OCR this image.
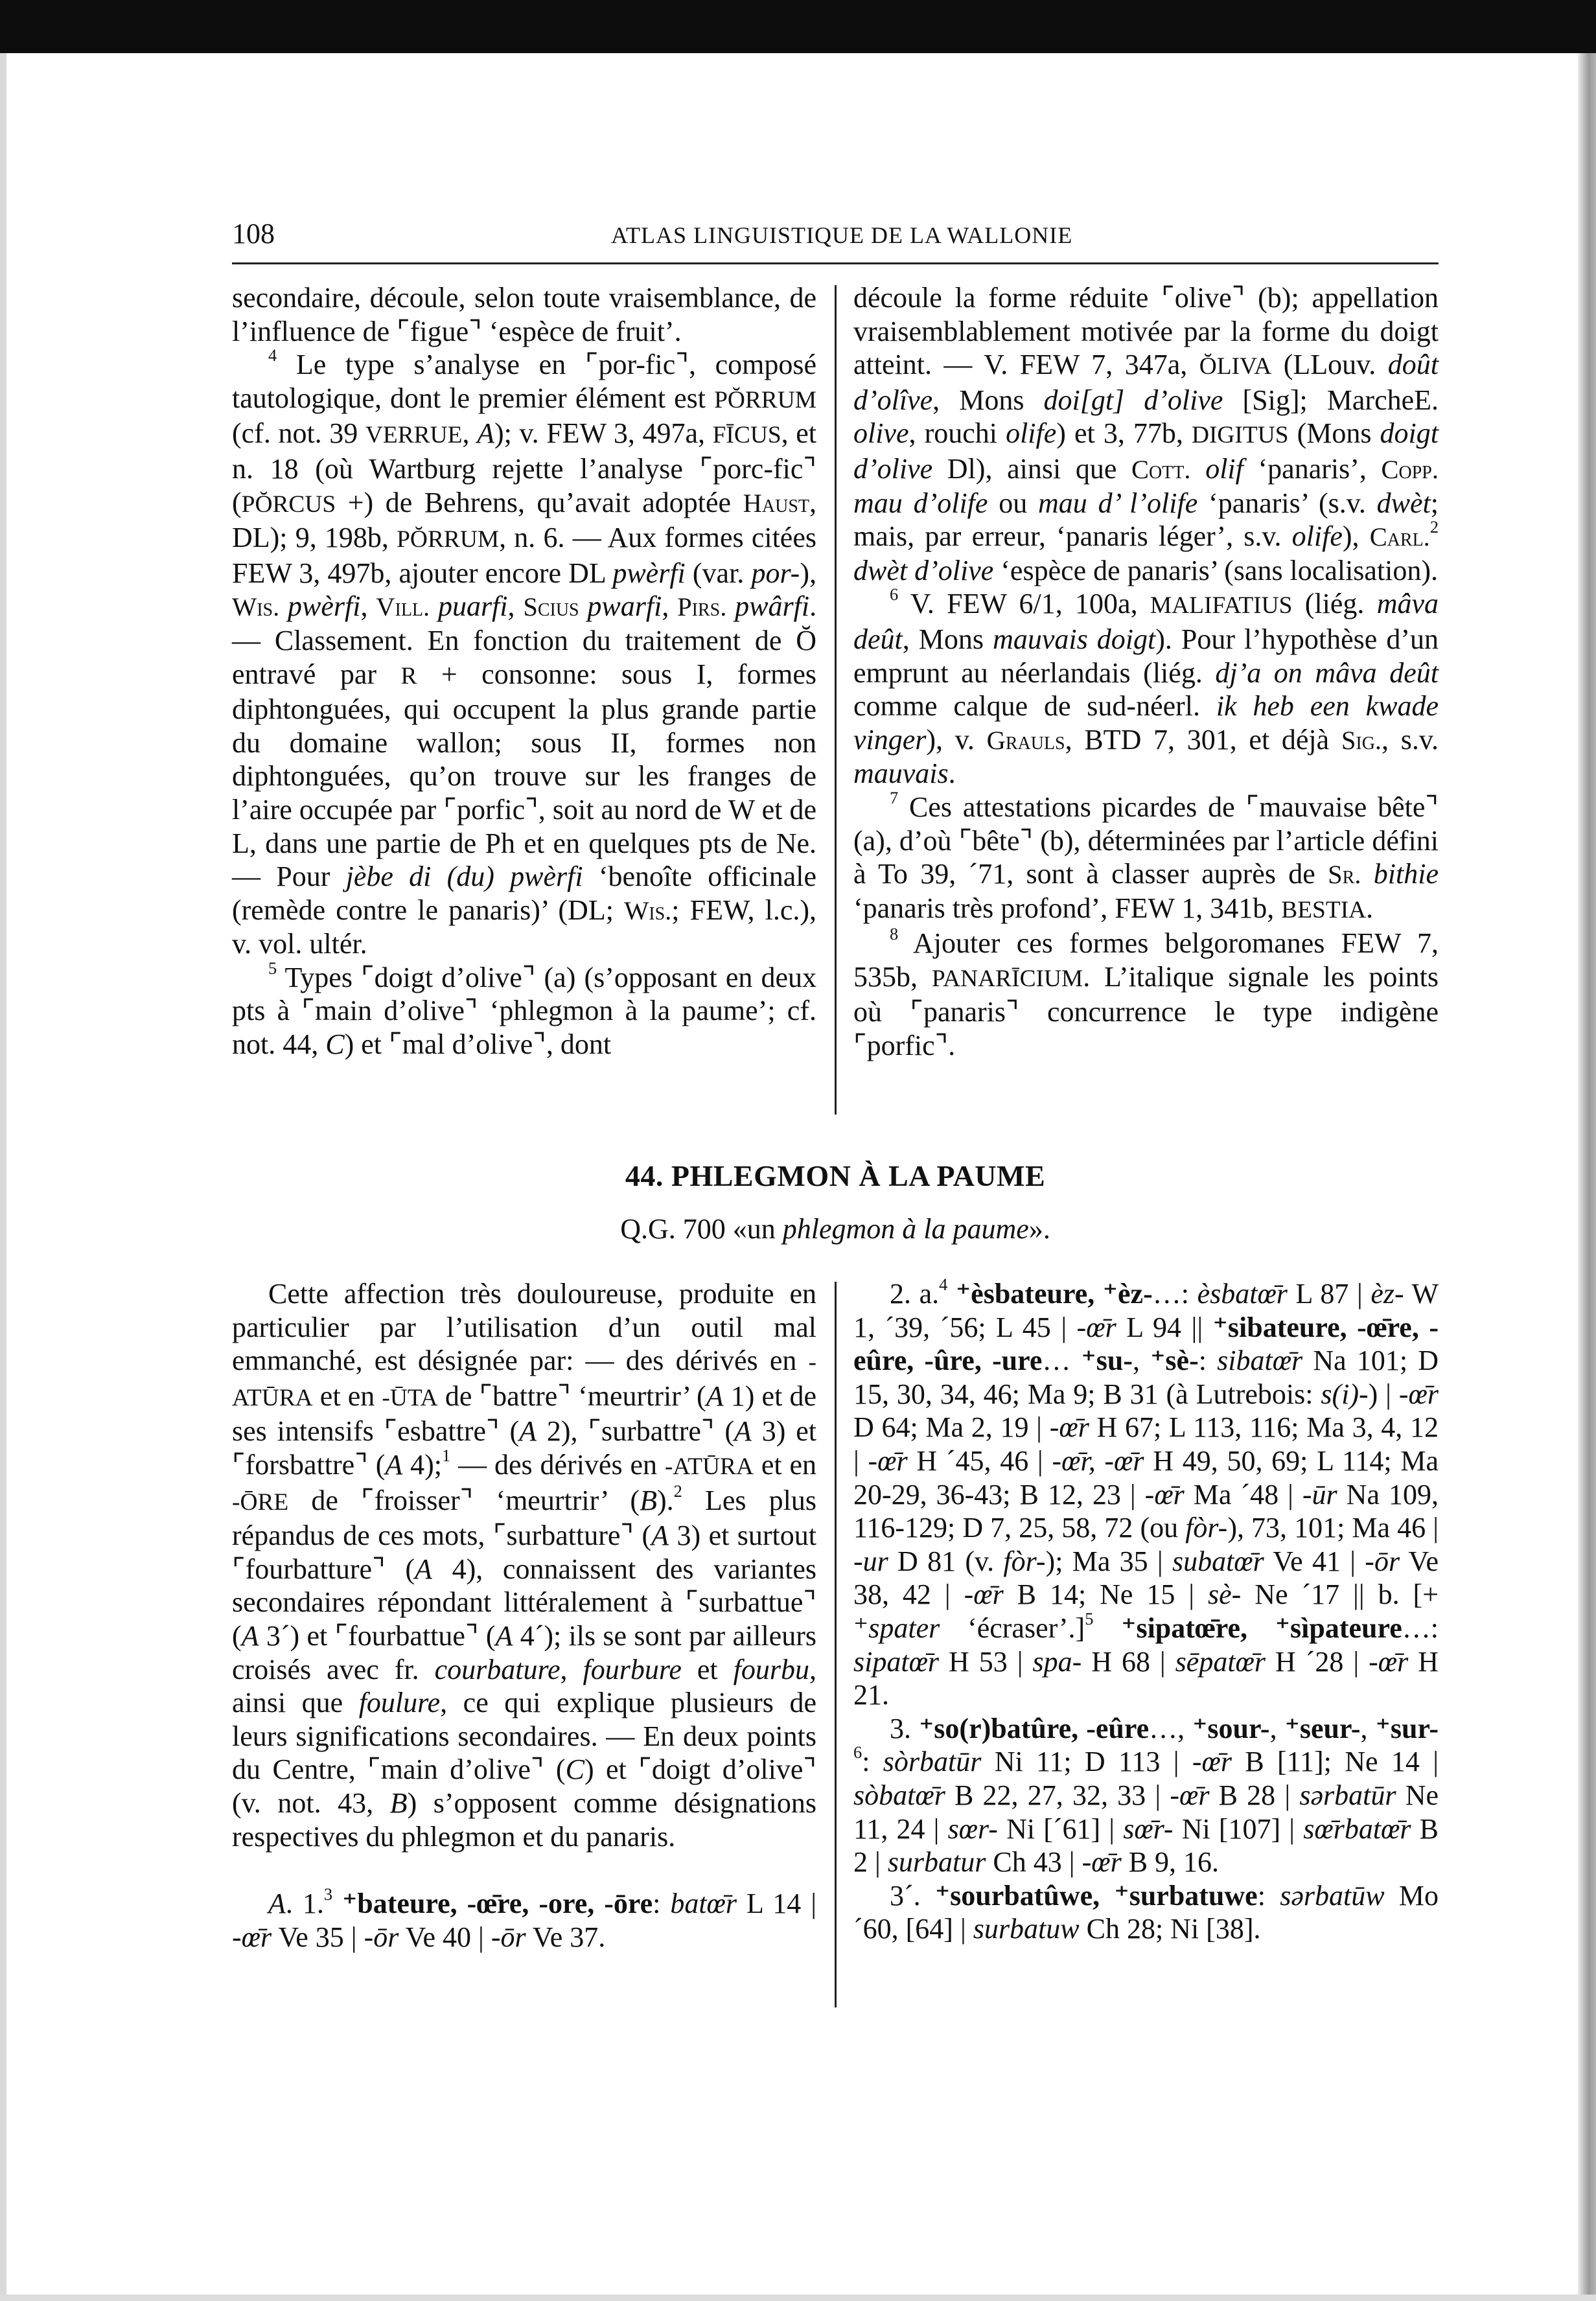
108	ATLAS LINGUISTIQUE DE LA WALLONIE

secondaire, découle, selon toute vraisemblance, de l’influence de ⌜figue⌝ ‘espèce de fruit’.

$^4$ Le type s’analyse en ⌜por-fic⌝, composé tautologique, dont le premier élément est PŎRRUM (cf. not. 39 VERRUE, A); v. FEW 3, 497a, FĪCUS, et n. 18 (où Wartburg rejette l’analyse ⌜porc-fic⌝ (PŎRCUS +) de Behrens, qu’avait adoptée Haust, DL); 9, 198b, PŎRRUM, n. 6. — Aux formes citées FEW 3, 497b, ajouter encore DL pwèrfi (var. por-), Wis. pwèrfi, Vill. puarfi, Scius pwarfi, Pirs. pwârfi. — Classement. En fonction du traitement de Ŏ entravé par R + consonne: sous I, formes diphtonguées, qui occupent la plus grande partie du domaine wallon; sous II, formes non diphtonguées, qu’on trouve sur les franges de l’aire occupée par ⌜porfic⌝, soit au nord de W et de L, dans une partie de Ph et en quelques pts de Ne. — Pour jèbe di (du) pwèrfi ‘benoîte officinale (remède contre le panaris)’ (DL; Wis.; FEW, l.c.), v. vol. ultér.

$^5$ Types ⌜doigt d’olive⌝ (a) (s’opposant en deux pts à ⌜main d’olive⌝ ‘phlegmon à la paume’; cf. not. 44, C) et ⌜mal d’olive⌝, dont

découle la forme réduite ⌜olive⌝ (b); appellation vraisemblablement motivée par la forme du doigt atteint. — V. FEW 7, 347a, ŎLIVA (LLouv. doût d’olîve, Mons doi[gt] d’olive [Sig]; MarcheE. olive, rouchi olife) et 3, 77b, DIGITUS (Mons doigt d’olive Dl), ainsi que Cott. olif ‘panaris’, Copp. mau d’olife ou mau d’ l’olife ‘panaris’ (s.v. dwèt; mais, par erreur, ‘panaris léger’, s.v. olife), Carl.$^2$ dwèt d’olive ‘espèce de panaris’ (sans localisation).

$^6$ V. FEW 6/1, 100a, MALIFATIUS (liég. mâva deût, Mons mauvais doigt). Pour l’hypothèse d’un emprunt au néerlandais (liég. dj’a on mâva deût comme calque de sud-néerl. ik heb een kwade vinger), v. Grauls, BTD 7, 301, et déjà Sig., s.v. mauvais.

$^7$ Ces attestations picardes de ⌜mauvaise bête⌝ (a), d’où ⌜bête⌝ (b), déterminées par l’article défini à To 39, ´71, sont à classer auprès de Sr. bithie ‘panaris très profond’, FEW 1, 341b, BESTIA.

$^8$ Ajouter ces formes belgoromanes FEW 7, 535b, PANARĪCIUM. L’italique signale les points où ⌜panaris⌝ concurrence le type indigène ⌜porfic⌝.

44. PHLEGMON À LA PAUME
Q.G. 700 «un phlegmon à la paume».

Cette affection très douloureuse, produite en particulier par l’utilisation d’un outil mal emmanché, est désignée par: — des dérivés en -ATŪRA et en -ŪTA de ⌜battre⌝ ‘meurtrir’ (A 1) et de ses intensifs ⌜esbattre⌝ (A 2), ⌜surbattre⌝ (A 3) et ⌜forsbattre⌝ (A 4);$^1$ — des dérivés en -ATŪRA et en -ŌRE de ⌜froisser⌝ ‘meurtrir’ (B).$^2$ Les plus répandus de ces mots, ⌜surbatture⌝ (A 3) et surtout ⌜fourbatture⌝ (A 4), connaissent des variantes secondaires répondant littéralement à ⌜surbattue⌝ (A 3´) et ⌜fourbattue⌝ (A 4´); ils se sont par ailleurs croisés avec fr. courbature, fourbure et fourbu, ainsi que foulure, ce qui explique plusieurs de leurs significations secondaires. — En deux points du Centre, ⌜main d’olive⌝ (C) et ⌜doigt d’olive⌝ (v. not. 43, B) s’opposent comme désignations respectives du phlegmon et du panaris.

A. 1.$^3$ ⁺bateure, -œ̄re, -ore, -ōre: batœ̄r L 14 | -œ̄r Ve 35 | -ōr Ve 40 | -ōr Ve 37.

2. a.$^4$ ⁺èsbateure, ⁺èz-…: èsbatœ̄r L 87 | èz- W 1, ´39, ´56; L 45 | -œ̄r L 94 || ⁺sibateure, -œ̄re, -eûre, -ûre, -ure… ⁺su-, ⁺sè-: sibatœ̄r Na 101; D 15, 30, 34, 46; Ma 9; B 31 (à Lutrebois: s(i)-) | -œ̄r D 64; Ma 2, 19 | -œ̄r H 67; L 113, 116; Ma 3, 4, 12 | -œ̄r H ´45, 46 | -œ̄r, -œ̄r H 49, 50, 69; L 114; Ma 20-29, 36-43; B 12, 23 | -œ̄r Ma ´48 | -ūr Na 109, 116-129; D 7, 25, 58, 72 (ou fòr-), 73, 101; Ma 46 | -ur D 81 (v. fòr-); Ma 35 | subatœ̄r Ve 41 | -ōr Ve 38, 42 | -œ̄r B 14; Ne 15 | sè- Ne ´17 || b. [+ ⁺spater ‘écraser’.]$^5$ ⁺sipatœ̄re, ⁺sìpateure…: sipatœ̄r H 53 | spa- H 68 | sēpatœ̄r H ´28 | -œ̄r H 21.

3. ⁺so(r)batûre, -eûre…, ⁺sour-, ⁺seur-, ⁺sur-$^6$: sòrbatūr Ni 11; D 113 | -œ̄r B [11]; Ne 14 | sòbatœ̄r B 22, 27, 32, 33 | -œ̄r B 28 | sərbatūr Ne 11, 24 | sœr- Ni [´61] | sœ̄r- Ni [107] | sœ̄rbatœ̄r B 2 | surbatur Ch 43 | -œ̄r B 9, 16.

3´. ⁺sourbatûwe, ⁺surbatuwe: sərbatūw Mo ´60, [64] | surbatuw Ch 28; Ni [38].
